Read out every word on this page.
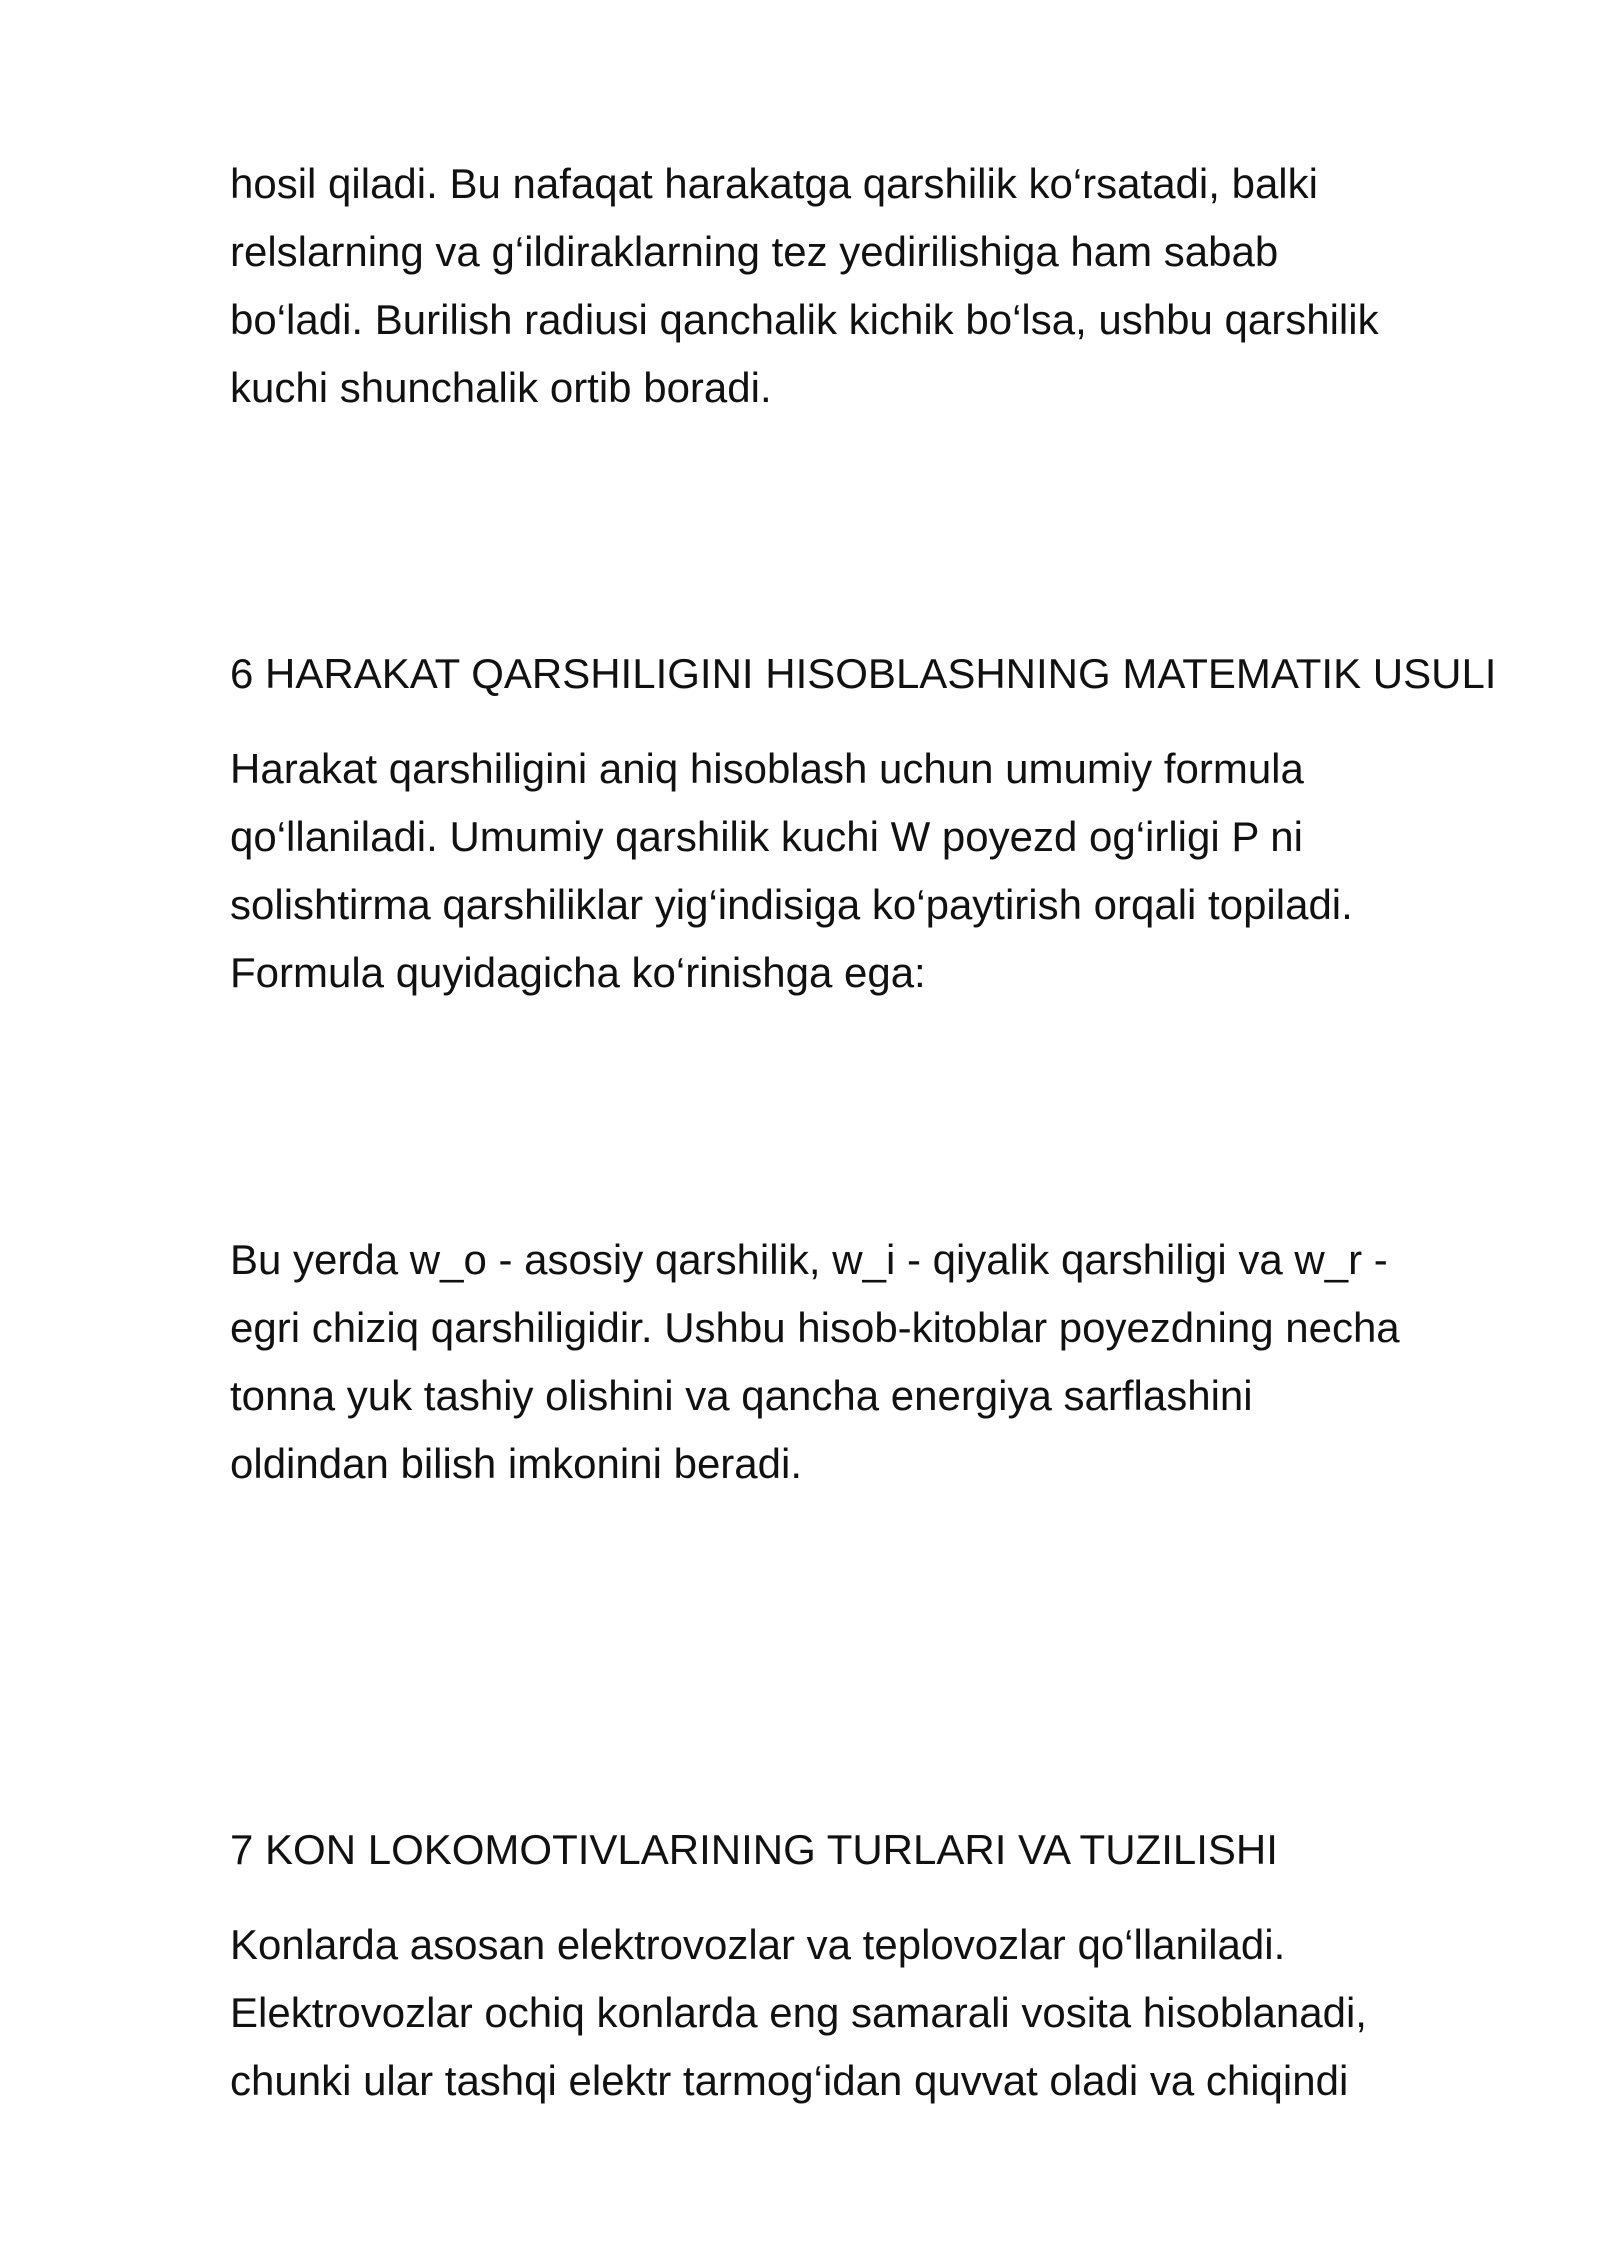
hosil qiladi. Bu nafaqat harakatga qarshilik ko‘rsatadi, balki
relslarning va g‘ildiraklarning tez yedirilishiga ham sabab
bo‘ladi. Burilish radiusi qanchalik kichik bo‘lsa, ushbu qarshilik
kuchi shunchalik ortib boradi.
6 HARAKAT QARSHILIGINI HISOBLASHNING MATEMATIK USULI
Harakat qarshiligini aniq hisoblash uchun umumiy formula
qo‘llaniladi. Umumiy qarshilik kuchi W poyezd og‘irligi P ni
solishtirma qarshiliklar yig‘indisiga ko‘paytirish orqali topiladi.
Formula quyidagicha ko‘rinishga ega:
Bu yerda w_o - asosiy qarshilik, w_i - qiyalik qarshiligi va w_r -
egri chiziq qarshiligidir. Ushbu hisob-kitoblar poyezdning necha
tonna yuk tashiy olishini va qancha energiya sarflashini
oldindan bilish imkonini beradi.
7 KON LOKOMOTIVLARINING TURLARI VA TUZILISHI
Konlarda asosan elektrovozlar va teplovozlar qo‘llaniladi.
Elektrovozlar ochiq konlarda eng samarali vosita hisoblanadi,
chunki ular tashqi elektr tarmog‘idan quvvat oladi va chiqindi
